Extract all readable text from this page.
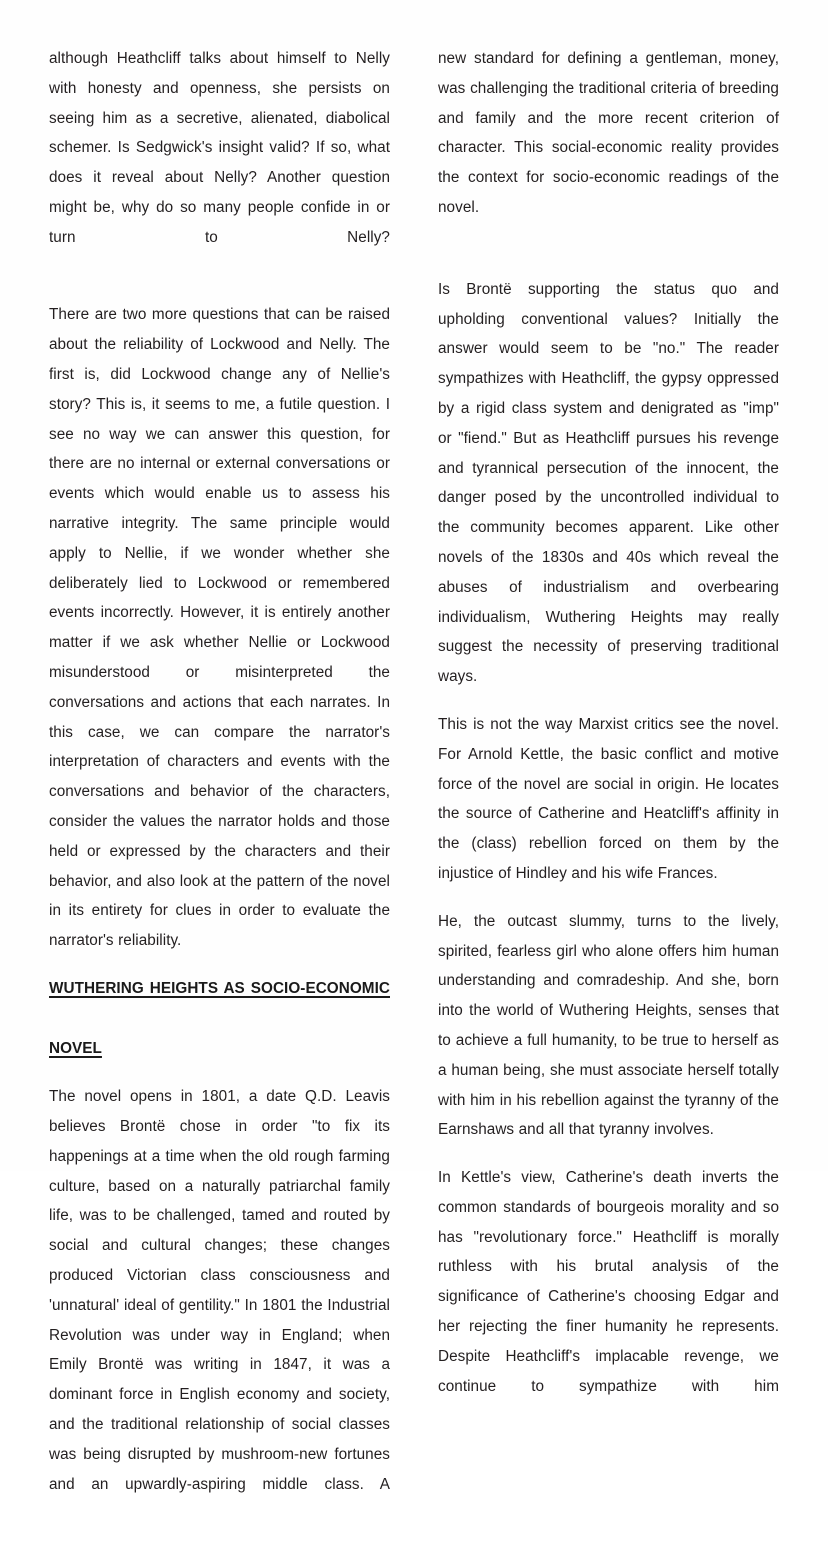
although Heathcliff talks about himself to Nelly with honesty and openness, she persists on seeing him as a secretive, alienated, diabolical schemer. Is Sedgwick's insight valid? If so, what does it reveal about Nelly? Another question might be, why do so many people confide in or turn to Nelly?

There are two more questions that can be raised about the reliability of Lockwood and Nelly. The first is, did Lockwood change any of Nellie's story? This is, it seems to me, a futile question. I see no way we can answer this question, for there are no internal or external conversations or events which would enable us to assess his narrative integrity. The same principle would apply to Nellie, if we wonder whether she deliberately lied to Lockwood or remembered events incorrectly. However, it is entirely another matter if we ask whether Nellie or Lockwood misunderstood or misinterpreted the conversations and actions that each narrates. In this case, we can compare the narrator's interpretation of characters and events with the conversations and behavior of the characters, consider the values the narrator holds and those held or expressed by the characters and their behavior, and also look at the pattern of the novel in its entirety for clues in order to evaluate the narrator's reliability.

WUTHERING HEIGHTS AS SOCIO-ECONOMIC
NOVEL

The novel opens in 1801, a date Q.D. Leavis believes Brontë chose in order "to fix its happenings at a time when the old rough farming culture, based on a naturally patriarchal family life, was to be challenged, tamed and routed by social and cultural changes; these changes produced Victorian class consciousness and 'unnatural' ideal of gentility." In 1801 the Industrial Revolution was under way in England; when Emily Brontë was writing in 1847, it was a dominant force in English economy and society, and the traditional relationship of social classes was being disrupted by mushroom-new fortunes and an upwardly-aspiring middle class. A

new standard for defining a gentleman, money, was challenging the traditional criteria of breeding and family and the more recent criterion of character. This social-economic reality provides the context for socio-economic readings of the novel.

Is Brontë supporting the status quo and upholding conventional values? Initially the answer would seem to be "no." The reader sympathizes with Heathcliff, the gypsy oppressed by a rigid class system and denigrated as "imp" or "fiend." But as Heathcliff pursues his revenge and tyrannical persecution of the innocent, the danger posed by the uncontrolled individual to the community becomes apparent. Like other novels of the 1830s and 40s which reveal the abuses of industrialism and overbearing individualism, Wuthering Heights may really suggest the necessity of preserving traditional ways.

This is not the way Marxist critics see the novel. For Arnold Kettle, the basic conflict and motive force of the novel are social in origin. He locates the source of Catherine and Heatcliff's affinity in the (class) rebellion forced on them by the injustice of Hindley and his wife Frances.

He, the outcast slummy, turns to the lively, spirited, fearless girl who alone offers him human understanding and comradeship. And she, born into the world of Wuthering Heights, senses that to achieve a full humanity, to be true to herself as a human being, she must associate herself totally with him in his rebellion against the tyranny of the Earnshaws and all that tyranny involves.

In Kettle's view, Catherine's death inverts the common standards of bourgeois morality and so has "revolutionary force." Heathcliff is morally ruthless with his brutal analysis of the significance of Catherine's choosing Edgar and her rejecting the finer humanity he represents. Despite Heathcliff's implacable revenge, we continue to sympathize with him
